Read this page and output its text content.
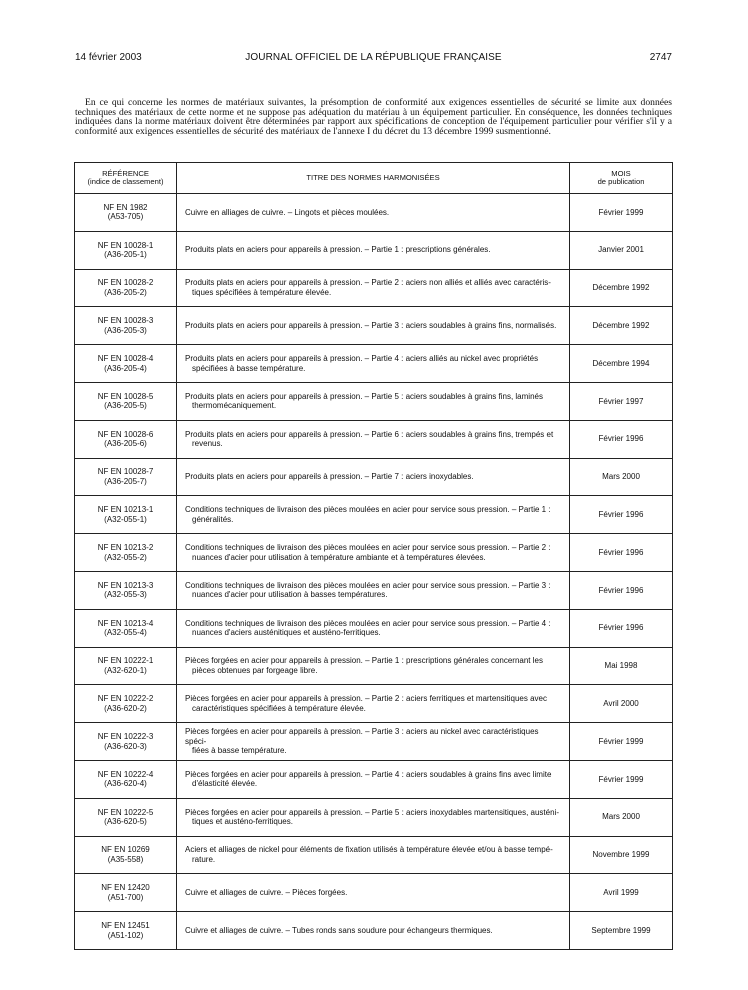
14 février 2003	JOURNAL OFFICIEL DE LA RÉPUBLIQUE FRANÇAISE	2747

En ce qui concerne les normes de matériaux suivantes, la présomption de conformité aux exigences essentielles de sécurité se limite aux données techniques des matériaux de cette norme et ne suppose pas adéquation du matériau à un équipement particulier. En conséquence, les données techniques indiquées dans la norme matériaux doivent être déterminées par rapport aux spécifications de conception de l'équipement particulier pour vérifier s'il y a conformité aux exigences essentielles de sécurité des matériaux de l'annexe I du décret du 13 décembre 1999 susmentionné.

RÉFÉRENCE
(indice de classement)	TITRE DES NORMES HARMONISÉES	MOIS
de publication

NF EN 1982
(A53-705)	Cuivre en alliages de cuivre. – Lingots et pièces moulées.	Février 1999

NF EN 10028-1
(A36-205-1)	Produits plats en aciers pour appareils à pression. – Partie 1 : prescriptions générales.	Janvier 2001

NF EN 10028-2
(A36-205-2)	Produits plats en aciers pour appareils à pression. – Partie 2 : aciers non alliés et alliés avec caractéris-
tiques spécifiées à température élevée.	Décembre 1992

NF EN 10028-3
(A36-205-3)	Produits plats en aciers pour appareils à pression. – Partie 3 : aciers soudables à grains fins, normalisés.	Décembre 1992

NF EN 10028-4
(A36-205-4)	Produits plats en aciers pour appareils à pression. – Partie 4 : aciers alliés au nickel avec propriétés
spécifiées à basse température.	Décembre 1994

NF EN 10028-5
(A36-205-5)	Produits plats en aciers pour appareils à pression. – Partie 5 : aciers soudables à grains fins, laminés
thermomécaniquement.	Février 1997

NF EN 10028-6
(A36-205-6)	Produits plats en aciers pour appareils à pression. – Partie 6 : aciers soudables à grains fins, trempés et
revenus.	Février 1996

NF EN 10028-7
(A36-205-7)	Produits plats en aciers pour appareils à pression. – Partie 7 : aciers inoxydables.	Mars 2000

NF EN 10213-1
(A32-055-1)	Conditions techniques de livraison des pièces moulées en acier pour service sous pression. – Partie 1 :
généralités.	Février 1996

NF EN 10213-2
(A32-055-2)	Conditions techniques de livraison des pièces moulées en acier pour service sous pression. – Partie 2 :
nuances d'acier pour utilisation à température ambiante et à températures élevées.	Février 1996

NF EN 10213-3
(A32-055-3)	Conditions techniques de livraison des pièces moulées en acier pour service sous pression. – Partie 3 :
nuances d'acier pour utilisation à basses températures.	Février 1996

NF EN 10213-4
(A32-055-4)	Conditions techniques de livraison des pièces moulées en acier pour service sous pression. – Partie 4 :
nuances d'aciers austénitiques et austéno-ferritiques.	Février 1996

NF EN 10222-1
(A32-620-1)	Pièces forgées en acier pour appareils à pression. – Partie 1 : prescriptions générales concernant les
pièces obtenues par forgeage libre.	Mai 1998

NF EN 10222-2
(A36-620-2)	Pièces forgées en acier pour appareils à pression. – Partie 2 : aciers ferritiques et martensitiques avec
caractéristiques spécifiées à température élevée.	Avril 2000

NF EN 10222-3
(A36-620-3)	Pièces forgées en acier pour appareils à pression. – Partie 3 : aciers au nickel avec caractéristiques spéci-
fiées à basse température.	Février 1999

NF EN 10222-4
(A36-620-4)	Pièces forgées en acier pour appareils à pression. – Partie 4 : aciers soudables à grains fins avec limite
d'élasticité élevée.	Février 1999

NF EN 10222-5
(A36-620-5)	Pièces forgées en acier pour appareils à pression. – Partie 5 : aciers inoxydables martensitiques, austéni-
tiques et austéno-ferritiques.	Mars 2000

NF EN 10269
(A35-558)	Aciers et alliages de nickel pour éléments de fixation utilisés à température élevée et/ou à basse tempé-
rature.	Novembre 1999

NF EN 12420
(A51-700)	Cuivre et alliages de cuivre. – Pièces forgées.	Avril 1999

NF EN 12451
(A51-102)	Cuivre et alliages de cuivre. – Tubes ronds sans soudure pour échangeurs thermiques.	Septembre 1999
